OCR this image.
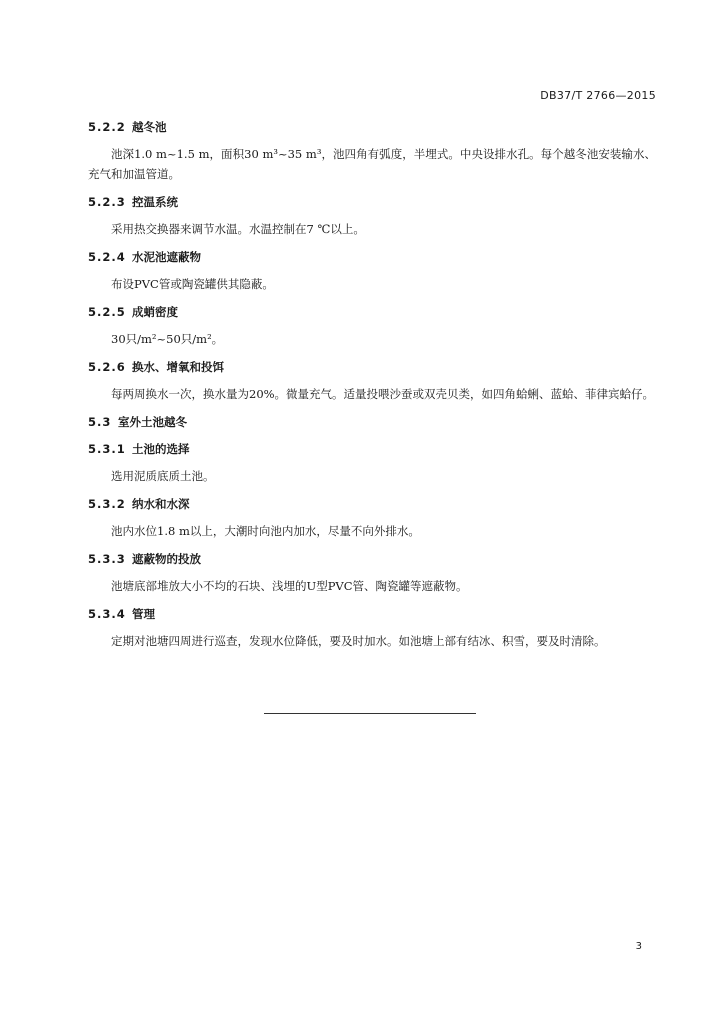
DB37/T 2766—2015
5.2.2 越冬池

池深1.0 m~1.5 m，面积30 m³~35 m³，池四角有弧度，半埋式。中央设排水孔。每个越冬池安装输水、充气和加温管道。

5.2.3 控温系统

采用热交换器来调节水温。水温控制在7 ℃以上。

5.2.4 水泥池遮蔽物

布设PVC管或陶瓷罐供其隐蔽。

5.2.5 成蛸密度

30只/m²~50只/m²。

5.2.6 换水、增氧和投饵

每两周换水一次，换水量为20%。微量充气。适量投喂沙蚕或双壳贝类，如四角蛤蜊、蓝蛤、菲律宾蛤仔。

5.3 室外土池越冬
5.3.1 土池的选择

选用泥质底质土池。

5.3.2 纳水和水深

池内水位1.8 m以上，大潮时向池内加水，尽量不向外排水。

5.3.3 遮蔽物的投放

池塘底部堆放大小不均的石块、浅埋的U型PVC管、陶瓷罐等遮蔽物。

5.3.4 管理

定期对池塘四周进行巡查，发现水位降低，要及时加水。如池塘上部有结冰、积雪，要及时清除。

3
